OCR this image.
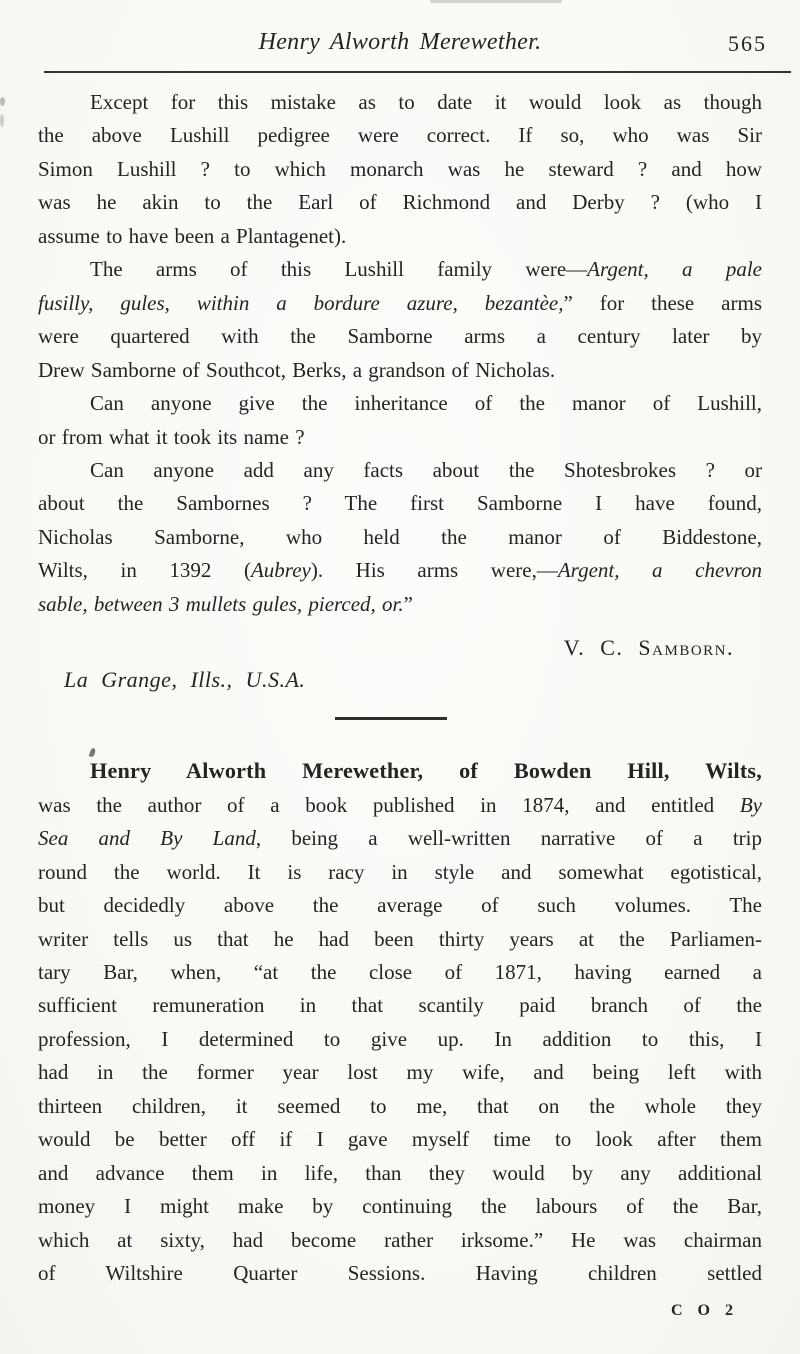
Henry Alworth Merewether.	565
Except for this mistake as to date it would look as though
the above Lushill pedigree were correct. If so, who was Sir
Simon Lushill ? to which monarch was he steward ? and how
was he akin to the Earl of Richmond and Derby ? (who I
assume to have been a Plantagenet).
The arms of this Lushill family were—Argent, a pale
fusilly, gules, within a bordure azure, bezantèe,” for these arms
were quartered with the Samborne arms a century later by
Drew Samborne of Southcot, Berks, a grandson of Nicholas.
Can anyone give the inheritance of the manor of Lushill,
or from what it took its name ?
Can anyone add any facts about the Shotesbrokes ? or
about the Sambornes ? The first Samborne I have found,
Nicholas Samborne, who held the manor of Biddestone,
Wilts, in 1392 (Aubrey). His arms were,—Argent, a chevron
sable, between 3 mullets gules, pierced, or.”
V. C. Samborn.
La Grange, Ills., U.S.A.
Henry Alworth Merewether, of Bowden Hill, Wilts,
was the author of a book published in 1874, and entitled By
Sea and By Land, being a well-written narrative of a trip
round the world. It is racy in style and somewhat egotistical,
but decidedly above the average of such volumes. The
writer tells us that he had been thirty years at the Parliamen-
tary Bar, when, “at the close of 1871, having earned a
sufficient remuneration in that scantily paid branch of the
profession, I determined to give up. In addition to this, I
had in the former year lost my wife, and being left with
thirteen children, it seemed to me, that on the whole they
would be better off if I gave myself time to look after them
and advance them in life, than they would by any additional
money I might make by continuing the labours of the Bar,
which at sixty, had become rather irksome.” He was chairman
of Wiltshire Quarter Sessions. Having children settled
C O 2
